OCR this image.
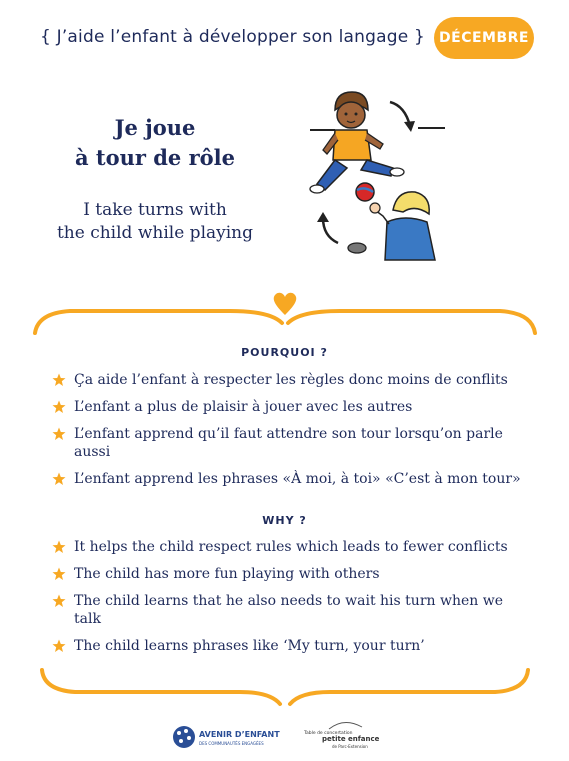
{ J’aide l’enfant à développer son langage } DÉCEMBRE
Je joue
à tour de rôle
I take turns with
the child while playing
POURQUOI ?
Ça aide l’enfant à respecter les règles donc moins de conflits
L’enfant a plus de plaisir à jouer avec les autres
L’enfant apprend qu’il faut attendre son tour lorsqu’on parle aussi
L’enfant apprend les phrases «À moi, à toi» «C’est à mon tour»
WHY ?
It helps the child respect rules which leads to fewer conflicts
The child has more fun playing with others
The child learns that he also needs to wait his turn when we talk
The child learns phrases like ‘My turn, your turn’
AVENIR D’ENFANTS
DES COMMUNAUTÉS ENGAGÉES
Table de concertation
petite enfance
de Parc-Extension
